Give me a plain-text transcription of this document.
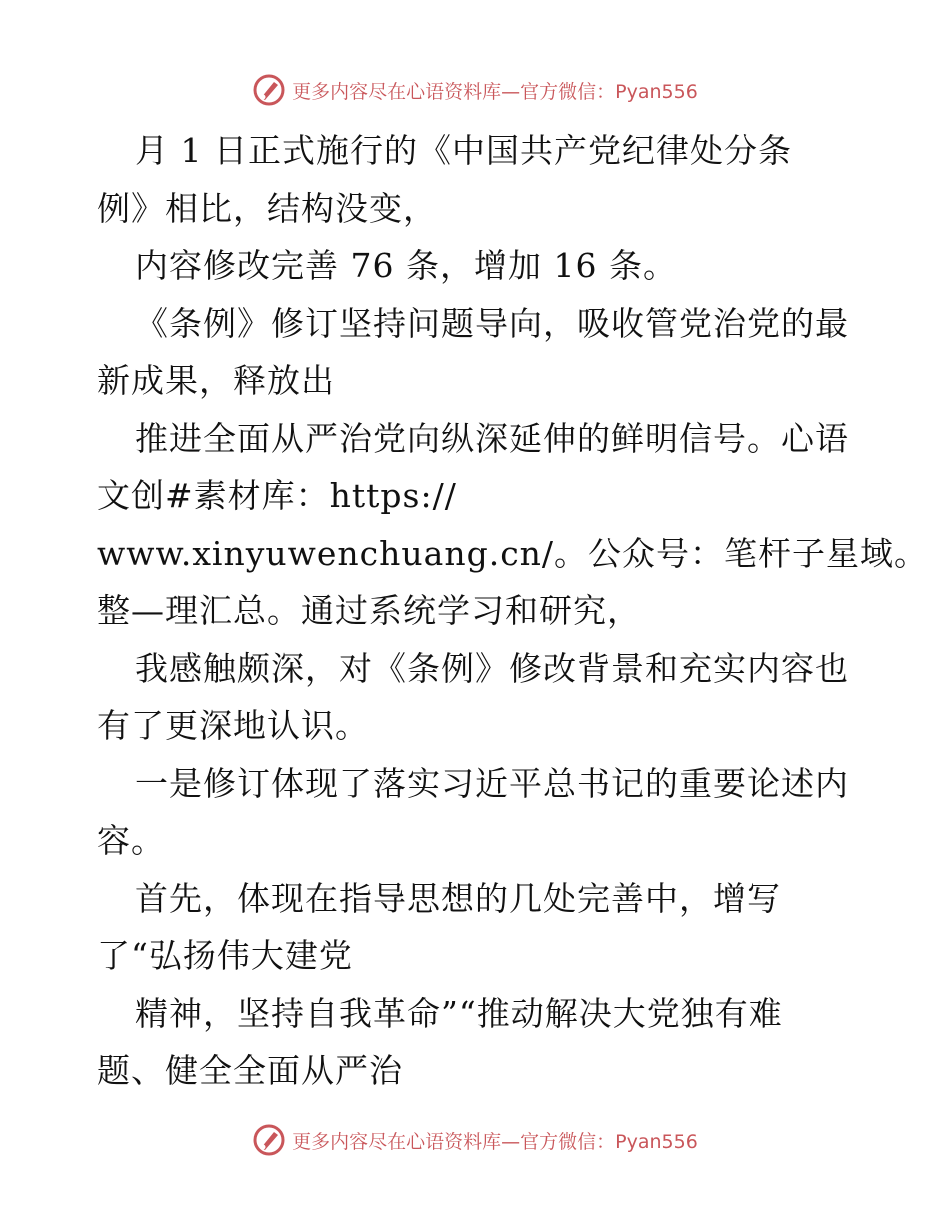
更多内容尽在心语资料库—官方微信：Pyan556
月 1 日正式施行的《中国共产党纪律处分条
例》相比，结构没变，
内容修改完善 76 条，增加 16 条。
《条例》修订坚持问题导向，吸收管党治党的最
新成果，释放出
推进全面从严治党向纵深延伸的鲜明信号。心语
文创#素材库：https://
www.xinyuwenchuang.cn/。公众号：笔杆子星域。
整—理汇总。通过系统学习和研究，
我感触颇深，对《条例》修改背景和充实内容也
有了更深地认识。
一是修订体现了落实习近平总书记的重要论述内
容。
首先，体现在指导思想的几处完善中，增写
了“弘扬伟大建党
精神，坚持自我革命”“推动解决大党独有难
题、健全全面从严治
更多内容尽在心语资料库—官方微信：Pyan556
